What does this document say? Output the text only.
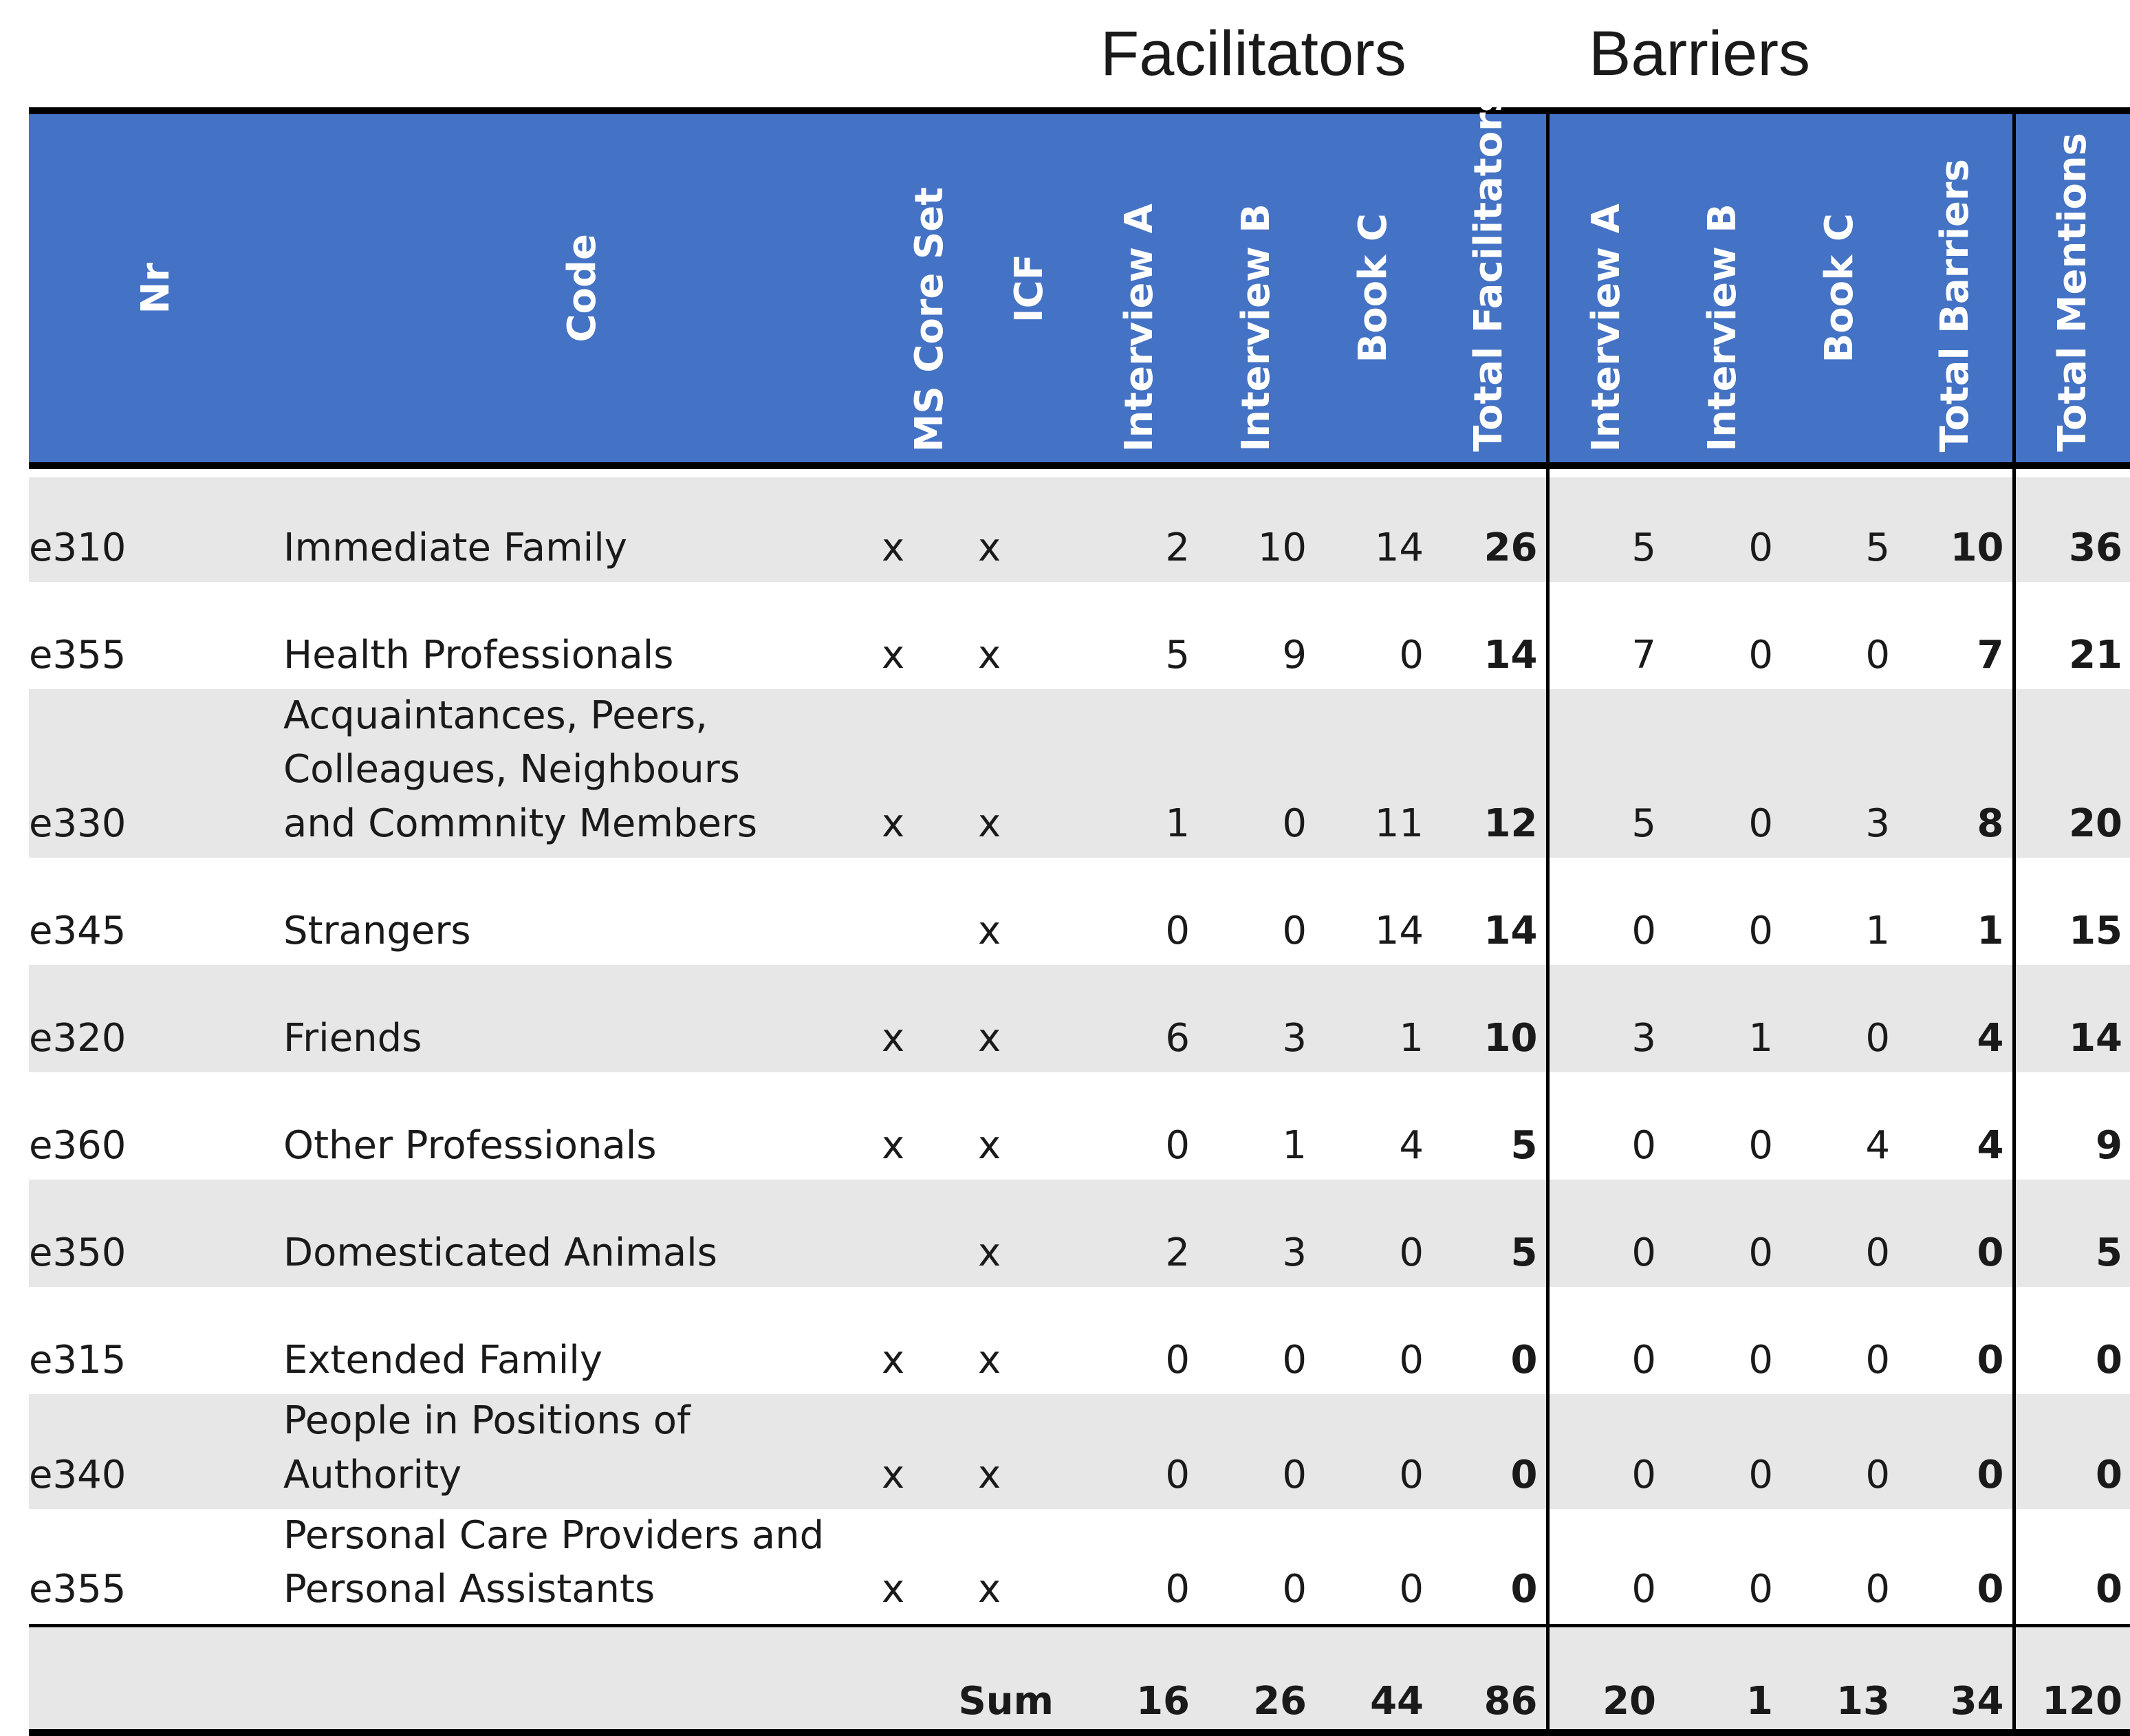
Facilitators	Barriers
Nr	Code	MS Core Set	ICF	Interview A	Interview B	Book C	Total Facilitators	Interview A	Interview B	Book C	Total Barriers	Total Mentions

e310	Immediate Family	x	x	2	10	14	26	5	0	5	10	36
e355	Health Professionals	x	x	5	9	0	14	7	0	0	7	21
e330	Acquaintances, Peers, Colleagues, Neighbours and Commnity Members	x	x	1	0	11	12	5	0	3	8	20
e345	Strangers		x	0	0	14	14	0	0	1	1	15
e320	Friends	x	x	6	3	1	10	3	1	0	4	14
e360	Other Professionals	x	x	0	1	4	5	0	0	4	4	9
e350	Domesticated Animals		x	2	3	0	5	0	0	0	0	5
e315	Extended Family	x	x	0	0	0	0	0	0	0	0	0
e340	People in Positions of Authority	x	x	0	0	0	0	0	0	0	0	0
e355	Personal Care Providers and Personal Assistants	x	x	0	0	0	0	0	0	0	0	0
		Sum		16	26	44	86	20	1	13	34	120
